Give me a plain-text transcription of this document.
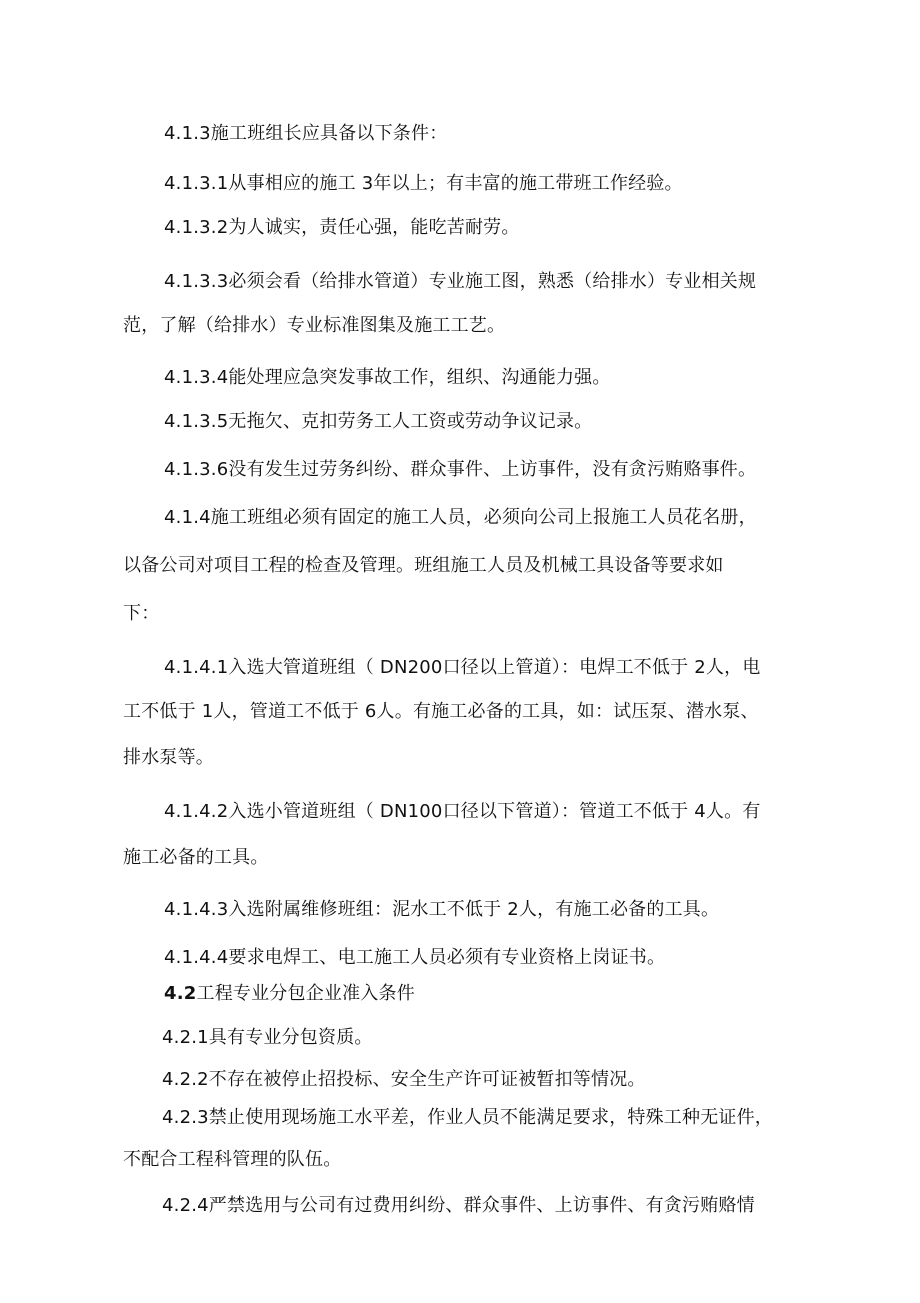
4.1.3施工班组长应具备以下条件：

4.1.3.1从事相应的施工 3年以上；有丰富的施工带班工作经验。

4.1.3.2为人诚实，责任心强，能吃苦耐劳。

4.1.3.3必须会看（给排水管道）专业施工图，熟悉（给排水）专业相关规

范，了解（给排水）专业标准图集及施工工艺。

4.1.3.4能处理应急突发事故工作，组织、沟通能力强。

4.1.3.5无拖欠、克扣劳务工人工资或劳动争议记录。

4.1.3.6没有发生过劳务纠纷、群众事件、上访事件，没有贪污贿赂事件。

4.1.4施工班组必须有固定的施工人员，必须向公司上报施工人员花名册，

以备公司对项目工程的检查及管理。班组施工人员及机械工具设备等要求如

下：

4.1.4.1入选大管道班组（ DN200口径以上管道）：电焊工不低于 2人，电

工不低于 1人，管道工不低于 6人。有施工必备的工具，如：试压泵、潜水泵、

排水泵等。

4.1.4.2入选小管道班组（ DN100口径以下管道）：管道工不低于 4人。有

施工必备的工具。

4.1.4.3入选附属维修班组：泥水工不低于 2人，有施工必备的工具。

4.1.4.4要求电焊工、电工施工人员必须有专业资格上岗证书。

4.2工程专业分包企业准入条件

4.2.1具有专业分包资质。

4.2.2不存在被停止招投标、安全生产许可证被暂扣等情况。

4.2.3禁止使用现场施工水平差，作业人员不能满足要求，特殊工种无证件，

不配合工程科管理的队伍。

4.2.4严禁选用与公司有过费用纠纷、群众事件、上访事件、有贪污贿赂情
